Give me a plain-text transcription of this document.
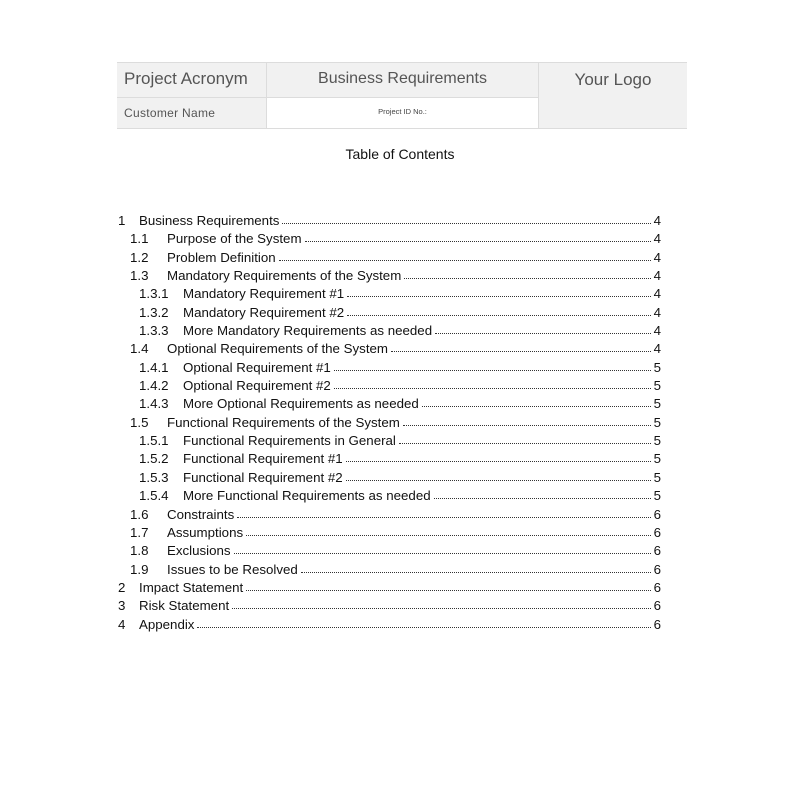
Project Acronym	Business Requirements	Your Logo
Customer Name	Project ID No.:
Table of Contents
1	Business Requirements	4
1.1	Purpose of the System	4
1.2	Problem Definition	4
1.3	Mandatory Requirements of the System	4
1.3.1	Mandatory Requirement #1	4
1.3.2	Mandatory Requirement #2	4
1.3.3	More Mandatory Requirements as needed	4
1.4	Optional Requirements of the System	4
1.4.1	Optional Requirement #1	5
1.4.2	Optional Requirement #2	5
1.4.3	More Optional Requirements as needed	5
1.5	Functional Requirements of the System	5
1.5.1	Functional Requirements in General	5
1.5.2	Functional Requirement #1	5
1.5.3	Functional Requirement #2	5
1.5.4	More Functional Requirements as needed	5
1.6	Constraints	6
1.7	Assumptions	6
1.8	Exclusions	6
1.9	Issues to be Resolved	6
2	Impact Statement	6
3	Risk Statement	6
4	Appendix	6
